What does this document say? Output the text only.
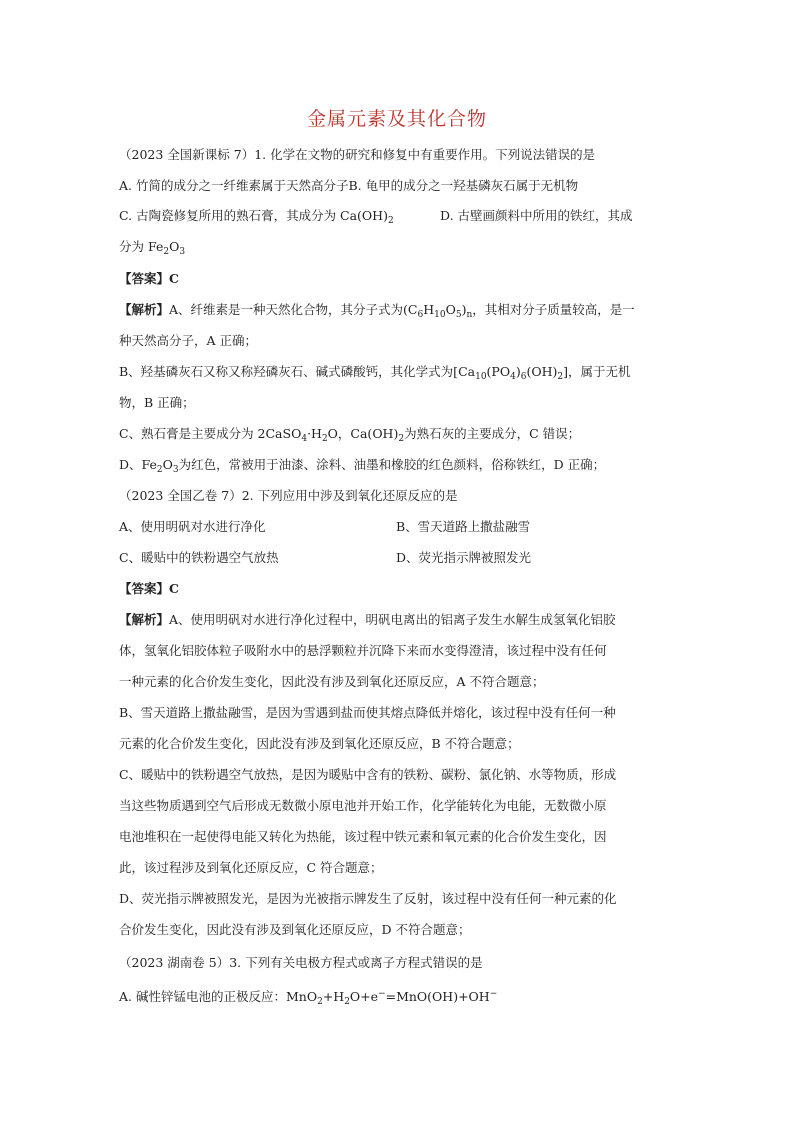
金属元素及其化合物
（2023 全国新课标 7）1. 化学在文物的研究和修复中有重要作用。下列说法错误的是
A. 竹简的成分之一纤维素属于天然高分子B. 龟甲的成分之一羟基磷灰石属于无机物
C. 古陶瓷修复所用的熟石膏，其成分为 $Ca(OH)_2$	D. 古壁画颜料中所用的铁红，其成
分为 $Fe_2O_3$
【答案】C
【解析】A、纤维素是一种天然化合物，其分子式为$(C_6H_{10}O_5)_n$，其相对分子质量较高，是一
种天然高分子，A 正确；
B、羟基磷灰石又称又称羟磷灰石、碱式磷酸钙，其化学式为$[Ca_{10}(PO_4)_6(OH)_2]$，属于无机
物，B 正确；
C、熟石膏是主要成分为 $2CaSO_4\cdot H_2O$，$Ca(OH)_2$为熟石灰的主要成分，C 错误；
D、$Fe_2O_3$为红色，常被用于油漆、涂料、油墨和橡胶的红色颜料，俗称铁红，D 正确；
（2023 全国乙卷 7）2. 下列应用中涉及到氧化还原反应的是
A、使用明矾对水进行净化	B、雪天道路上撒盐融雪
C、暖贴中的铁粉遇空气放热	D、荧光指示牌被照发光
【答案】C
【解析】A、使用明矾对水进行净化过程中，明矾电离出的铝离子发生水解生成氢氧化铝胶
体，氢氧化铝胶体粒子吸附水中的悬浮颗粒并沉降下来而水变得澄清，该过程中没有任何
一种元素的化合价发生变化，因此没有涉及到氧化还原反应，A 不符合题意；
B、雪天道路上撒盐融雪，是因为雪遇到盐而使其熔点降低并熔化，该过程中没有任何一种
元素的化合价发生变化，因此没有涉及到氧化还原反应，B 不符合题意；
C、暖贴中的铁粉遇空气放热，是因为暖贴中含有的铁粉、碳粉、氯化钠、水等物质，形成
当这些物质遇到空气后形成无数微小原电池并开始工作，化学能转化为电能，无数微小原
电池堆积在一起使得电能又转化为热能，该过程中铁元素和氧元素的化合价发生变化，因
此，该过程涉及到氧化还原反应，C 符合题意；
D、荧光指示牌被照发光，是因为光被指示牌发生了反射，该过程中没有任何一种元素的化
合价发生变化，因此没有涉及到氧化还原反应，D 不符合题意；
（2023 湖南卷 5）3. 下列有关电极方程式或离子方程式错误的是
A. 碱性锌锰电池的正极反应：$MnO_2+H_2O+e^-=MnO(OH)+OH^-$
